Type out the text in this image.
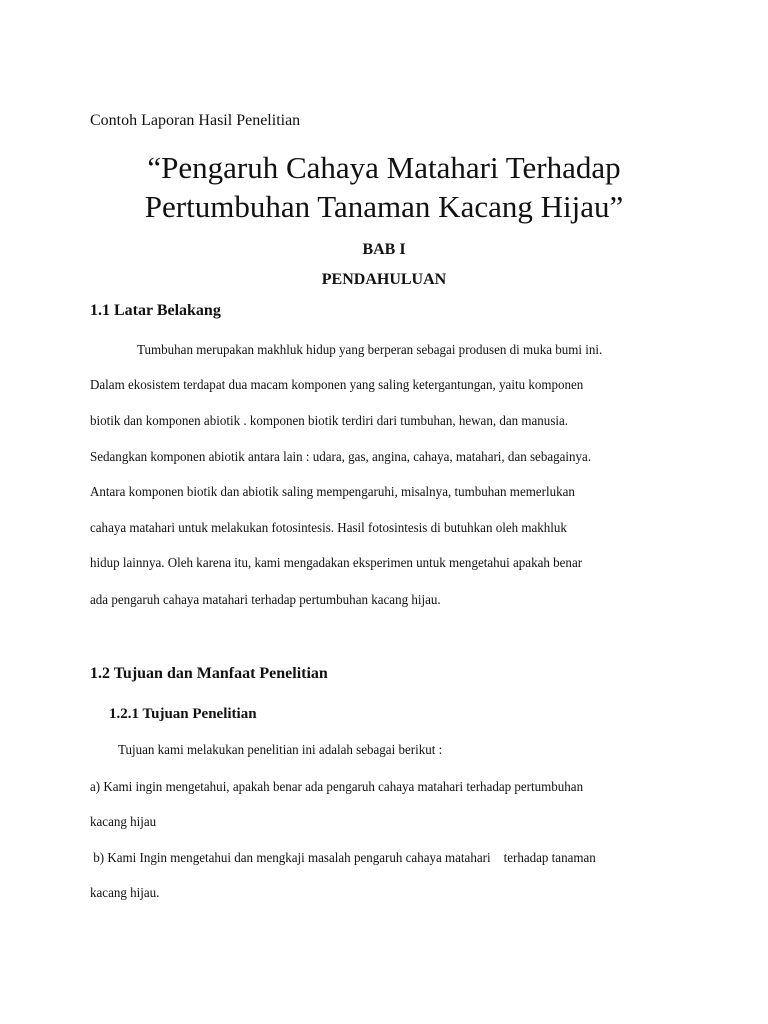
Contoh Laporan Hasil Penelitian

“Pengaruh Cahaya Matahari Terhadap

Pertumbuhan Tanaman Kacang Hijau”

BAB I

PENDAHULUAN

1.1 Latar Belakang

Tumbuhan merupakan makhluk hidup yang berperan sebagai produsen di muka bumi ini.

Dalam ekosistem terdapat dua macam komponen yang saling ketergantungan, yaitu komponen

biotik dan komponen abiotik . komponen biotik terdiri dari tumbuhan, hewan, dan manusia.

Sedangkan komponen abiotik antara lain : udara, gas, angina, cahaya, matahari, dan sebagainya.

Antara komponen biotik dan abiotik saling mempengaruhi, misalnya, tumbuhan memerlukan

cahaya matahari untuk melakukan fotosintesis. Hasil fotosintesis di butuhkan oleh makhluk

hidup lainnya. Oleh karena itu, kami mengadakan eksperimen untuk mengetahui apakah benar

ada pengaruh cahaya matahari terhadap pertumbuhan kacang hijau.

1.2 Tujuan dan Manfaat Penelitian

1.2.1 Tujuan Penelitian

Tujuan kami melakukan penelitian ini adalah sebagai berikut :

a) Kami ingin mengetahui, apakah benar ada pengaruh cahaya matahari terhadap pertumbuhan

kacang hijau

b) Kami Ingin mengetahui dan mengkaji masalah pengaruh cahaya matahari    terhadap tanaman

kacang hijau.
